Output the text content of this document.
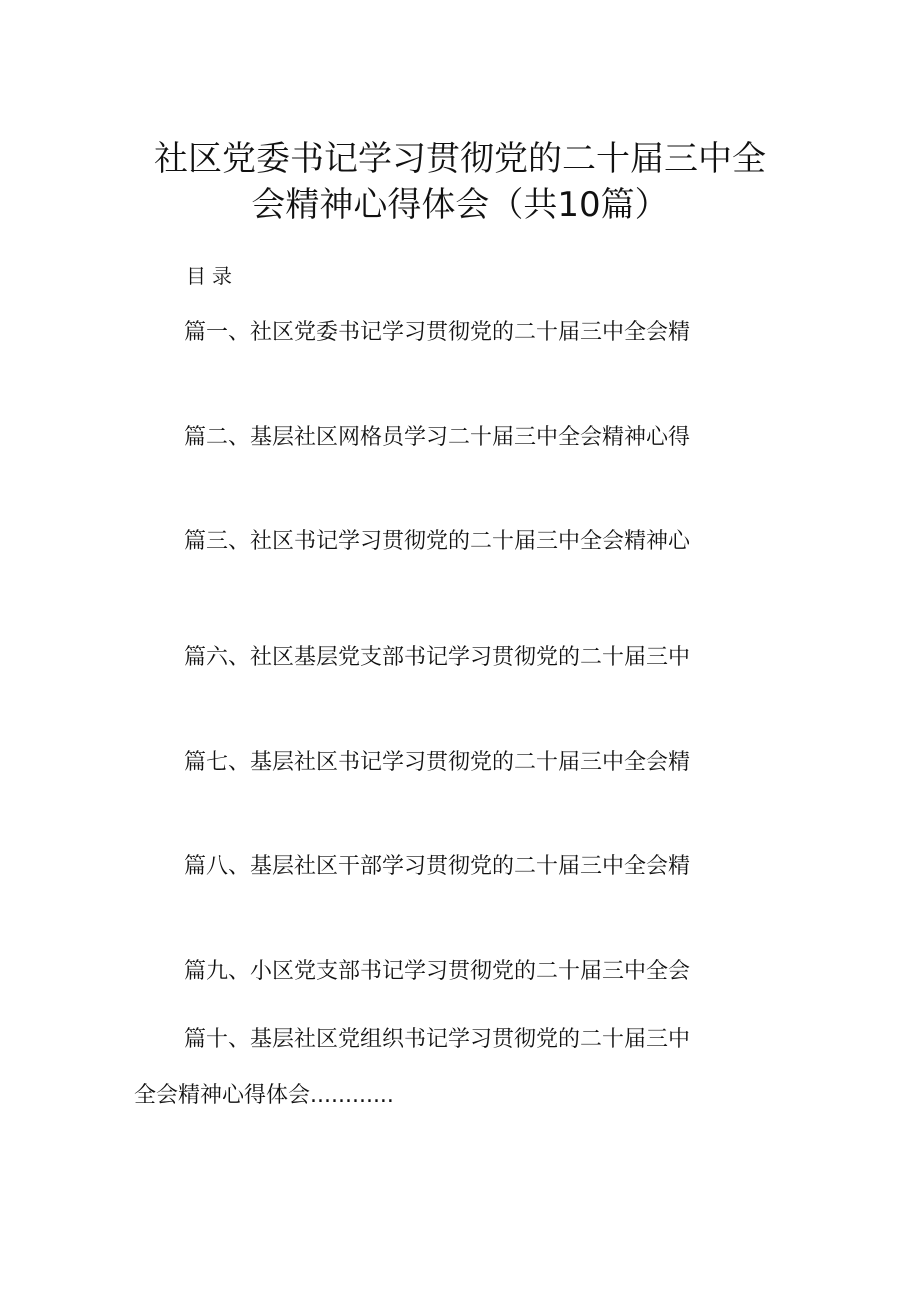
社区党委书记学习贯彻党的二十届三中全
会精神心得体会（共10篇）
目录
篇一、社区党委书记学习贯彻党的二十届三中全会精
篇二、基层社区网格员学习二十届三中全会精神心得
篇三、社区书记学习贯彻党的二十届三中全会精神心
篇六、社区基层党支部书记学习贯彻党的二十届三中
篇七、基层社区书记学习贯彻党的二十届三中全会精
篇八、基层社区干部学习贯彻党的二十届三中全会精
篇九、小区党支部书记学习贯彻党的二十届三中全会
篇十、基层社区党组织书记学习贯彻党的二十届三中
全会精神心得体会............
